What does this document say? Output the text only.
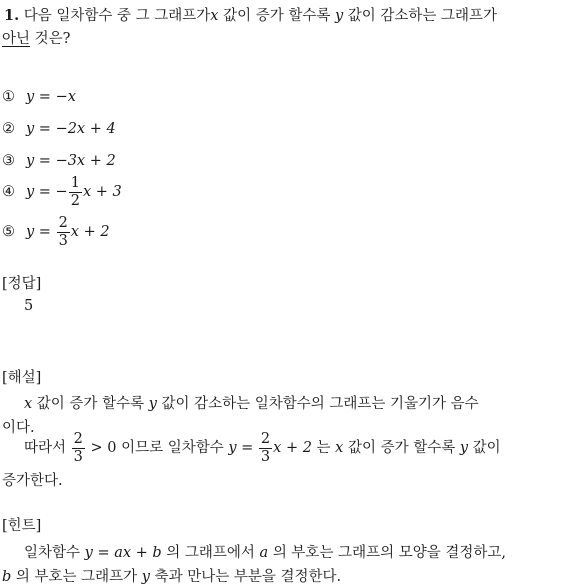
1. 다음 일차함수 중 그 그래프가x 값이 증가 할수록 y 값이 감소하는 그래프가
아닌 것은?
① y = −x
② y = −2x + 4
③ y = −3x + 2
④ y = − $\frac{1}{2}$ x + 3
⑤ $y = \frac{2}{3}$ x + 2
[정답]
5
[해설]
x 값이 증가 할수록 y 값이 감소하는 일차함수의 그래프는 기울기가 음수
이다.
따라서 $\frac{2}{3} > 0$ 이므로 일차함수 $y = \frac{2}{3}$ x + 2 는 x 값이 증가 할수록 y 값이
증가한다.
[힌트]
일차함수 y = ax + b 의 그래프에서 a 의 부호는 그래프의 모양을 결정하고,
b 의 부호는 그래프가 y 축과 만나는 부분을 결정한다.
